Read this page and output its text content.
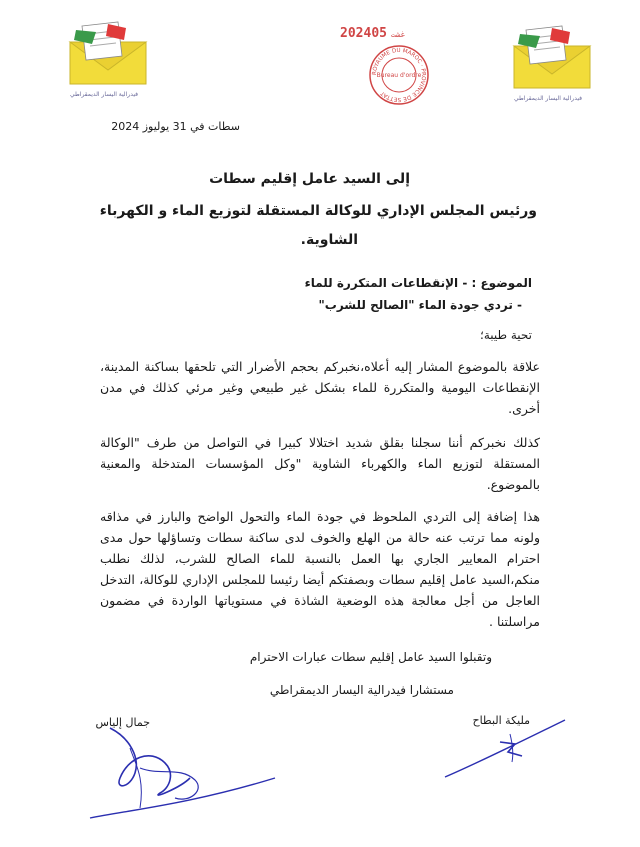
فيدرالية اليسار الديمقراطي
فيدرالية اليسار الديمقراطي
2024 غشت05
ROYAUME DU MAROC · PROVINCE DE SETTAT
Bureau d'ordre
سطات في 31 يوليوز 2024
إلى السيد عامل إقليم سطات
ورئيس المجلس الإداري للوكالة المستقلة لتوزيع الماء و الكهرباء
الشاوية.
الموضوع : - الإنقطاعات المتكررة للماء
- تردي جودة الماء "الصالح للشرب"
تحية طيبة؛
علاقة بالموضوع المشار إليه أعلاه،نخبركم بحجم الأضرار التي تلحقها بساكنة المدينة، الإنقطاعات اليومية والمتكررة للماء بشكل غير طبيعي وغير مرئي كذلك في مدن أخرى.
كذلك نخبركم أننا سجلنا بقلق شديد اختلالا كبيرا في التواصل من طرف "الوكالة المستقلة لتوزيع الماء والكهرباء الشاوية "وكل المؤسسات المتدخلة والمعنية بالموضوع.
هذا إضافة إلى التردي الملحوظ في جودة الماء والتحول الواضح والبارز في مذاقه ولونه مما ترتب عنه حالة من الهلع والخوف لدى ساكنة سطات وتساؤلها حول مدى احترام المعايير الجاري بها العمل بالنسبة للماء الصالح للشرب، لذلك نطلب منكم،السيد عامل إقليم سطات وبصفتكم أيضا رئيسا للمجلس الإداري للوكالة، التدخل العاجل من أجل معالجة هذه الوضعية الشاذة في مستوياتها الواردة في مضمون مراسلتنا .
وتقبلوا السيد عامل إقليم سطات عبارات الاحترام
مستشارا فيدرالية اليسار الديمقراطي
جمال إلياس	مليكة البطاح
